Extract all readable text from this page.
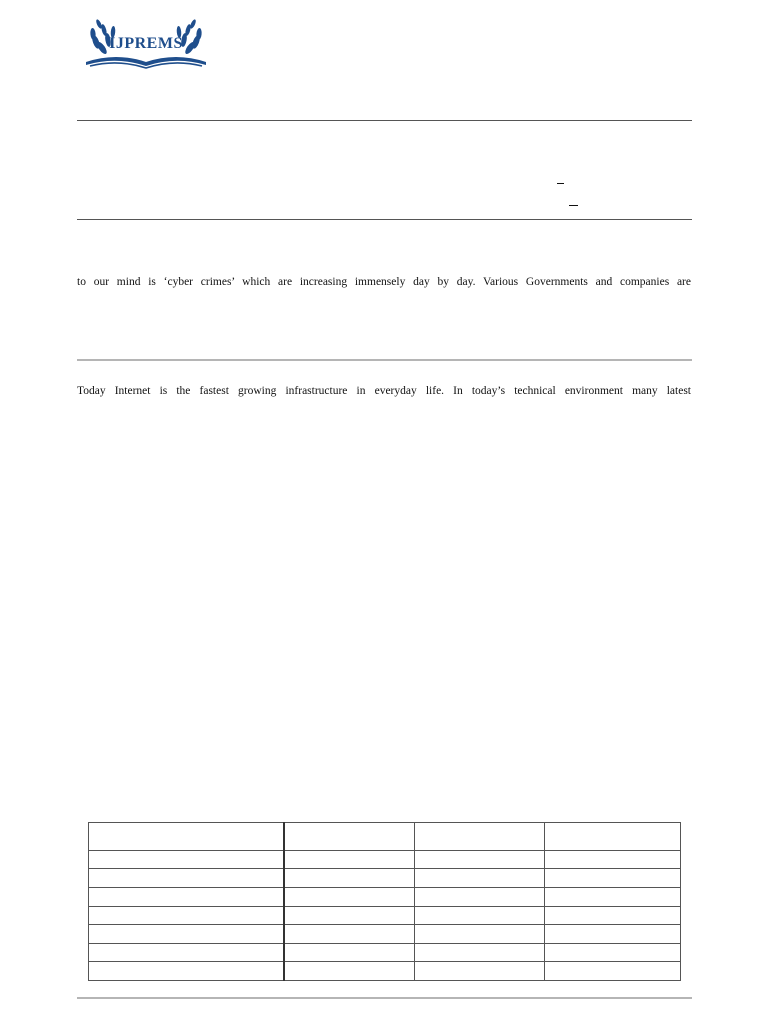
IJPREMS
to our mind is ‘cyber crimes’ which are increasing immensely day by day. Various Governments and companies are
Today Internet is the fastest growing infrastructure in everyday life. In today’s technical environment many latest
